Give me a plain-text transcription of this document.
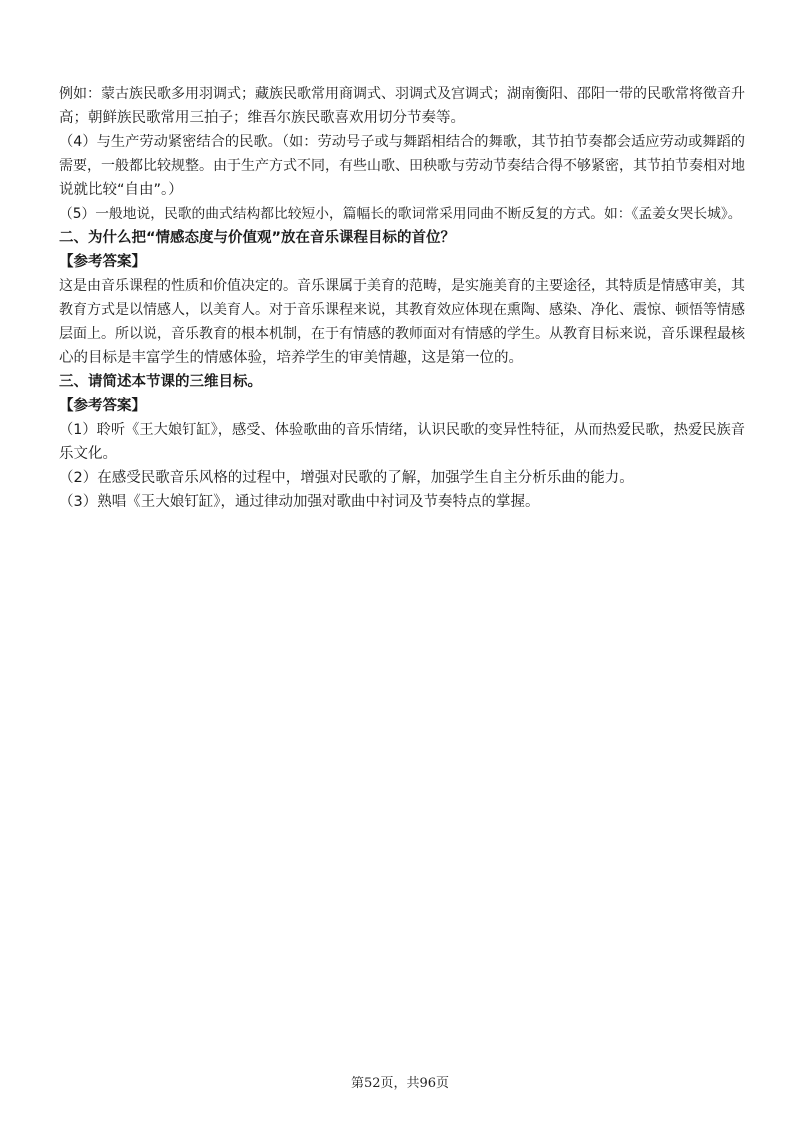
例如：蒙古族民歌多用羽调式；藏族民歌常用商调式、羽调式及宫调式；湖南衡阳、邵阳一带的民歌常将徵音升
高；朝鲜族民歌常用三拍子；维吾尔族民歌喜欢用切分节奏等。
（4）与生产劳动紧密结合的民歌。（如：劳动号子或与舞蹈相结合的舞歌，其节拍节奏都会适应劳动或舞蹈的
需要，一般都比较规整。由于生产方式不同，有些山歌、田秧歌与劳动节奏结合得不够紧密，其节拍节奏相对地
说就比较“自由”。）
（5）一般地说，民歌的曲式结构都比较短小，篇幅长的歌词常采用同曲不断反复的方式。如：《孟姜女哭长城》。
二、为什么把“情感态度与价值观”放在音乐课程目标的首位？
【参考答案】
这是由音乐课程的性质和价值决定的。音乐课属于美育的范畴，是实施美育的主要途径，其特质是情感审美，其
教育方式是以情感人，以美育人。对于音乐课程来说，其教育效应体现在熏陶、感染、净化、震惊、顿悟等情感
层面上。所以说，音乐教育的根本机制，在于有情感的教师面对有情感的学生。从教育目标来说，音乐课程最核
心的目标是丰富学生的情感体验，培养学生的审美情趣，这是第一位的。
三、请简述本节课的三维目标。
【参考答案】
（1）聆听《王大娘钉缸》，感受、体验歌曲的音乐情绪，认识民歌的变异性特征，从而热爱民歌，热爱民族音
乐文化。
（2）在感受民歌音乐风格的过程中，增强对民歌的了解，加强学生自主分析乐曲的能力。
（3）熟唱《王大娘钉缸》，通过律动加强对歌曲中衬词及节奏特点的掌握。
第52页，共96页
